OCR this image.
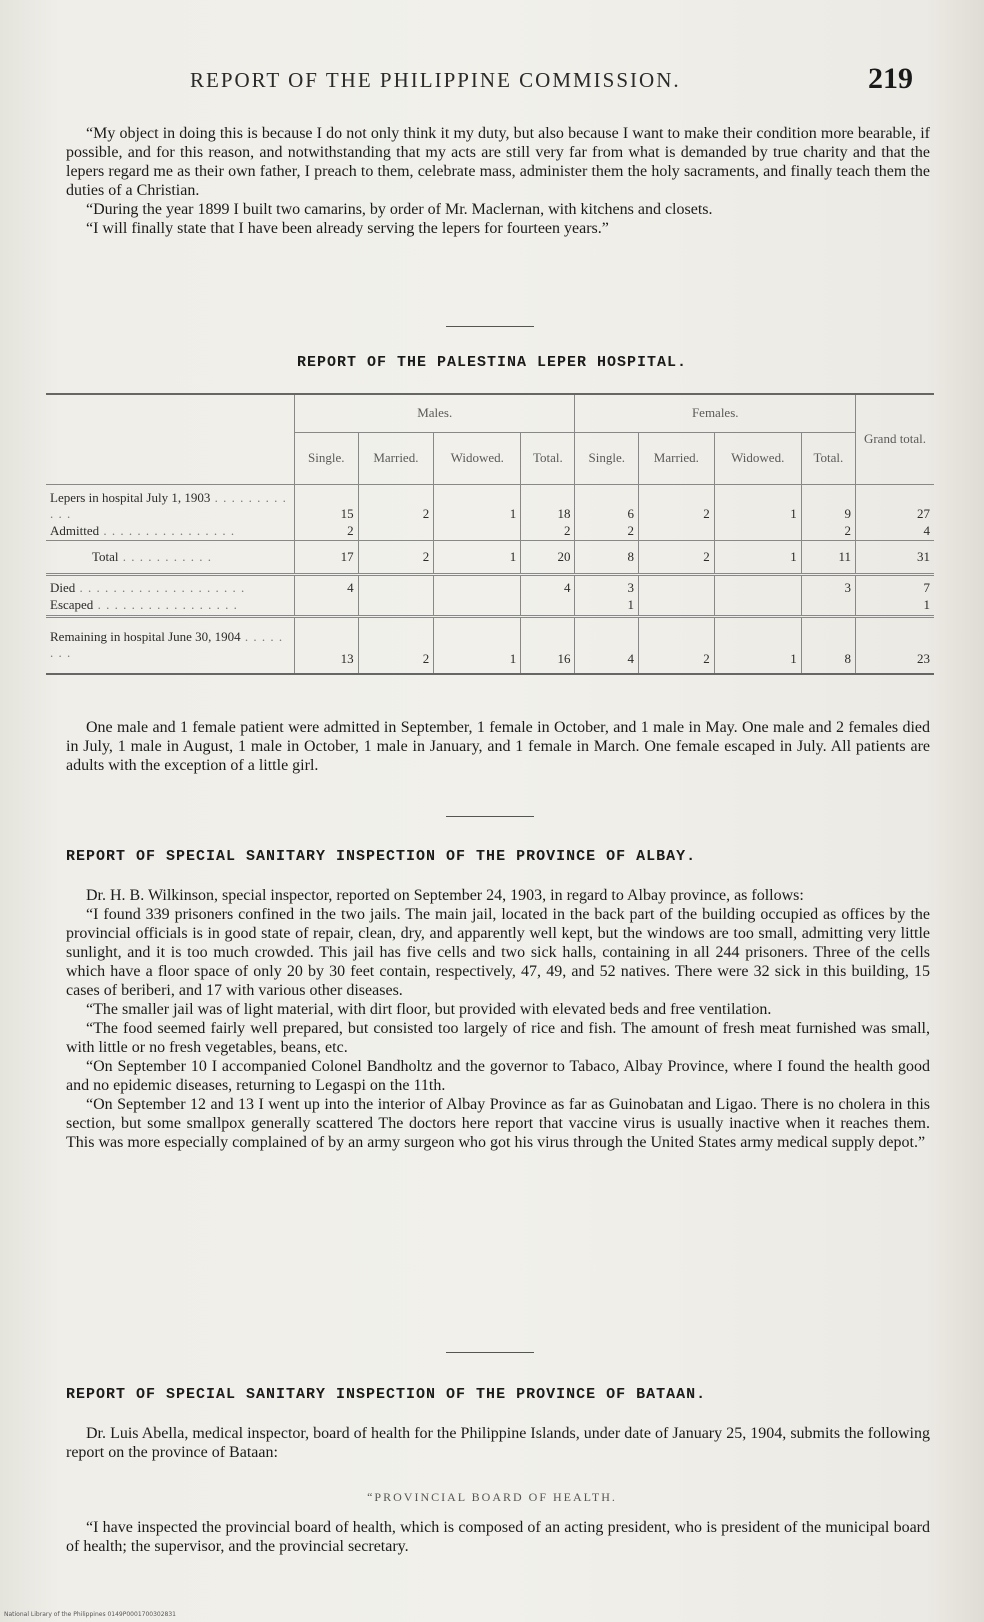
REPORT OF THE PHILIPPINE COMMISSION.	219

“My object in doing this is because I do not only think it my duty, but also because I want to make their condition more bearable, if possible, and for this reason, and notwithstanding that my acts are still very far from what is demanded by true charity and that the lepers regard me as their own father, I preach to them, celebrate mass, administer them the holy sacraments, and finally teach them the duties of a Christian.

“During the year 1899 I built two camarins, by order of Mr. Maclernan, with kitchens and closets.

“I will finally state that I have been already serving the lepers for fourteen years.”

REPORT OF THE PALESTINA LEPER HOSPITAL.
	Males.				Females.				Grand total.
	Single.	Married.	Widowed.	Total.	Single.	Married.	Widowed.	Total.	
Lepers in hospital July 1, 1903 . . . . . . . . . . . .	15	2	1	18	6	2	1	9	27
Admitted . . . . . . . . . . . . . . . .	2			2	2			2	4
Total . . . . . . . . . . .	17	2	1	20	8	2	1	11	31
Died . . . . . . . . . . . . . . . . . . . .	4			4	3			3	7
Escaped . . . . . . . . . . . . . . . . .					1				1
Remaining in hospital June 30, 1904 . . . . . . . .	13	2	1	16	4	2	1	8	23

One male and 1 female patient were admitted in September, 1 female in October, and 1 male in May. One male and 2 females died in July, 1 male in August, 1 male in October, 1 male in January, and 1 female in March. One female escaped in July. All patients are adults with the exception of a little girl.

REPORT OF SPECIAL SANITARY INSPECTION OF THE PROVINCE OF ALBAY.

Dr. H. B. Wilkinson, special inspector, reported on September 24, 1903, in regard to Albay province, as follows:

“I found 339 prisoners confined in the two jails. The main jail, located in the back part of the building occupied as offices by the provincial officials is in good state of repair, clean, dry, and apparently well kept, but the windows are too small, admitting very little sunlight, and it is too much crowded. This jail has five cells and two sick halls, containing in all 244 prisoners. Three of the cells which have a floor space of only 20 by 30 feet contain, respectively, 47, 49, and 52 natives. There were 32 sick in this building, 15 cases of beriberi, and 17 with various other diseases.

“The smaller jail was of light material, with dirt floor, but provided with elevated beds and free ventilation.

“The food seemed fairly well prepared, but consisted too largely of rice and fish. The amount of fresh meat furnished was small, with little or no fresh vegetables, beans, etc.

“On September 10 I accompanied Colonel Bandholtz and the governor to Tabaco, Albay Province, where I found the health good and no epidemic diseases, returning to Legaspi on the 11th.

“On September 12 and 13 I went up into the interior of Albay Province as far as Guinobatan and Ligao. There is no cholera in this section, but some smallpox generally scattered The doctors here report that vaccine virus is usually inactive when it reaches them. This was more especially complained of by an army surgeon who got his virus through the United States army medical supply depot.”

REPORT OF SPECIAL SANITARY INSPECTION OF THE PROVINCE OF BATAAN.

Dr. Luis Abella, medical inspector, board of health for the Philippine Islands, under date of January 25, 1904, submits the following report on the province of Bataan:

“PROVINCIAL BOARD OF HEALTH.

“I have inspected the provincial board of health, which is composed of an acting president, who is president of the municipal board of health; the supervisor, and the provincial secretary.

National Library of the Philippines 0149P0001700302831
